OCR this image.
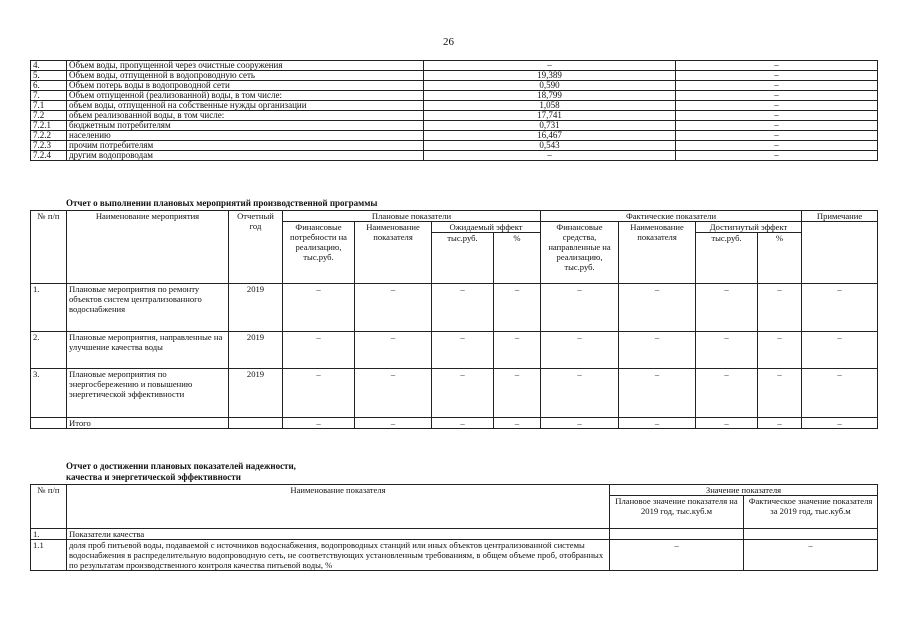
26
4.	Объем воды, пропущенной через очистные сооружения	–	–
5.	Объем воды, отпущенной в водопроводную сеть	19,389	–
6.	Объем потерь воды в водопроводной сети	0,590	–
7.	Объем отпущенной (реализованной) воды, в том числе:	18,799	–
7.1	объем воды, отпущенной на собственные нужды организации	1,058	–
7.2	объем реализованной воды, в том числе:	17,741	–
7.2.1	бюджетным потребителям	0,731	–
7.2.2	населению	16,467	–
7.2.3	прочим потребителям	0,543	–
7.2.4	другим водопроводам	–	–
Отчет о выполнении плановых мероприятий производственной программы
№ п/п	Наименование мероприятия	Отчетный год	Плановые показатели				Фактические показатели				Примечание
			Финансовые потребности на реализацию, тыс.руб.	Наименование показателя	Ожидаемый эффект		Финансовые средства, направленные на реализацию, тыс.руб.	Наименование показателя	Достигнутый эффект		
					тыс.руб.	%			тыс.руб.	%	
1.	Плановые мероприятия по ремонту объектов систем централизованного водоснабжения	2019	–	–	–	–	–	–	–	–	–
2.	Плановые мероприятия, направленные на улучшение качества воды	2019	–	–	–	–	–	–	–	–	–
3.	Плановые мероприятия по энергосбережению и повышению энергетической эффективности	2019	–	–	–	–	–	–	–	–	–
	Итого		–	–	–	–	–	–	–	–	–
Отчет о достижении плановых показателей надежности,
качества и энергетической эффективности
№ п/п	Наименование показателя	Значение показателя	
		Плановое значение показателя на 2019 год, тыс.куб.м	Фактическое значение показателя за 2019 год, тыс.куб.м
1.	Показатели качества		
1.1	доля проб питьевой воды, подаваемой с источников водоснабжения, водопроводных станций или иных объектов централизованной системы водоснабжения в распределительную водопроводную сеть, не соответствующих установленным требованиям, в общем объеме проб, отобранных по результатам производственного контроля качества питьевой воды, %	–	–
